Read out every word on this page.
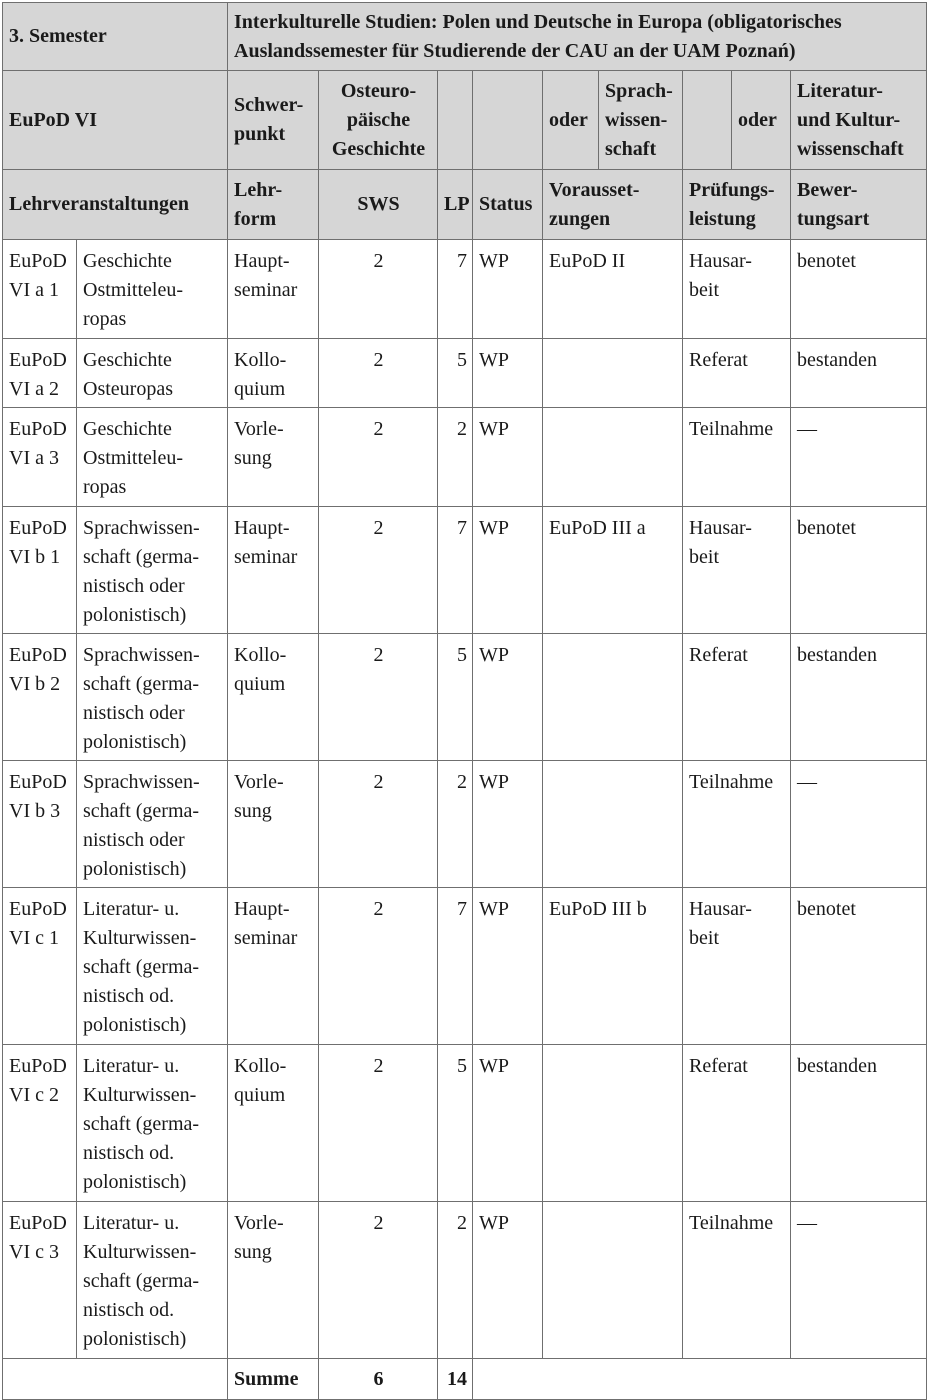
3. Semester		Interkulturelle Studien: Polen und Deutsche in Europa (obligatorisches
Auslandssemester für Studierende der CAU an der UAM Poznań)								

EuPoD VI		Schwer-
punkt	Osteuro-
päische
Geschichte			oder	Sprach-
wissen-
schaft		oder	Literatur-
und Kultur-
wissenschaft

Lehrveranstaltungen		Lehr-
form	SWS	LP	Status	Vorausset-
zungen		Prüfungs-
leistung		Bewer-
tungsart

EuPoD
VI a 1	Geschichte
Ostmitteleu-
ropas	Haupt-
seminar	2	7	WP	EuPoD II		Hausar-
beit		benotet

EuPoD
VI a 2	Geschichte
Osteuropas	Kollo-
quium	2	5	WP			Referat		bestanden

EuPoD
VI a 3	Geschichte
Ostmitteleu-
ropas	Vorle-
sung	2	2	WP			Teilnahme		—

EuPoD
VI b 1	Sprachwissen-
schaft (germa-
nistisch oder
polonistisch)	Haupt-
seminar	2	7	WP	EuPoD III a		Hausar-
beit		benotet

EuPoD
VI b 2	Sprachwissen-
schaft (germa-
nistisch oder
polonistisch)	Kollo-
quium	2	5	WP			Referat		bestanden

EuPoD
VI b 3	Sprachwissen-
schaft (germa-
nistisch oder
polonistisch)	Vorle-
sung	2	2	WP			Teilnahme		—

EuPoD
VI c 1	Literatur- u.
Kulturwissen-
schaft (germa-
nistisch od.
polonistisch)	Haupt-
seminar	2	7	WP	EuPoD III b		Hausar-
beit		benotet

EuPoD
VI c 2	Literatur- u.
Kulturwissen-
schaft (germa-
nistisch od.
polonistisch)	Kollo-
quium	2	5	WP			Referat		bestanden

EuPoD
VI c 3	Literatur- u.
Kulturwissen-
schaft (germa-
nistisch od.
polonistisch)	Vorle-
sung	2	2	WP			Teilnahme		—
		Summe	6	14						
